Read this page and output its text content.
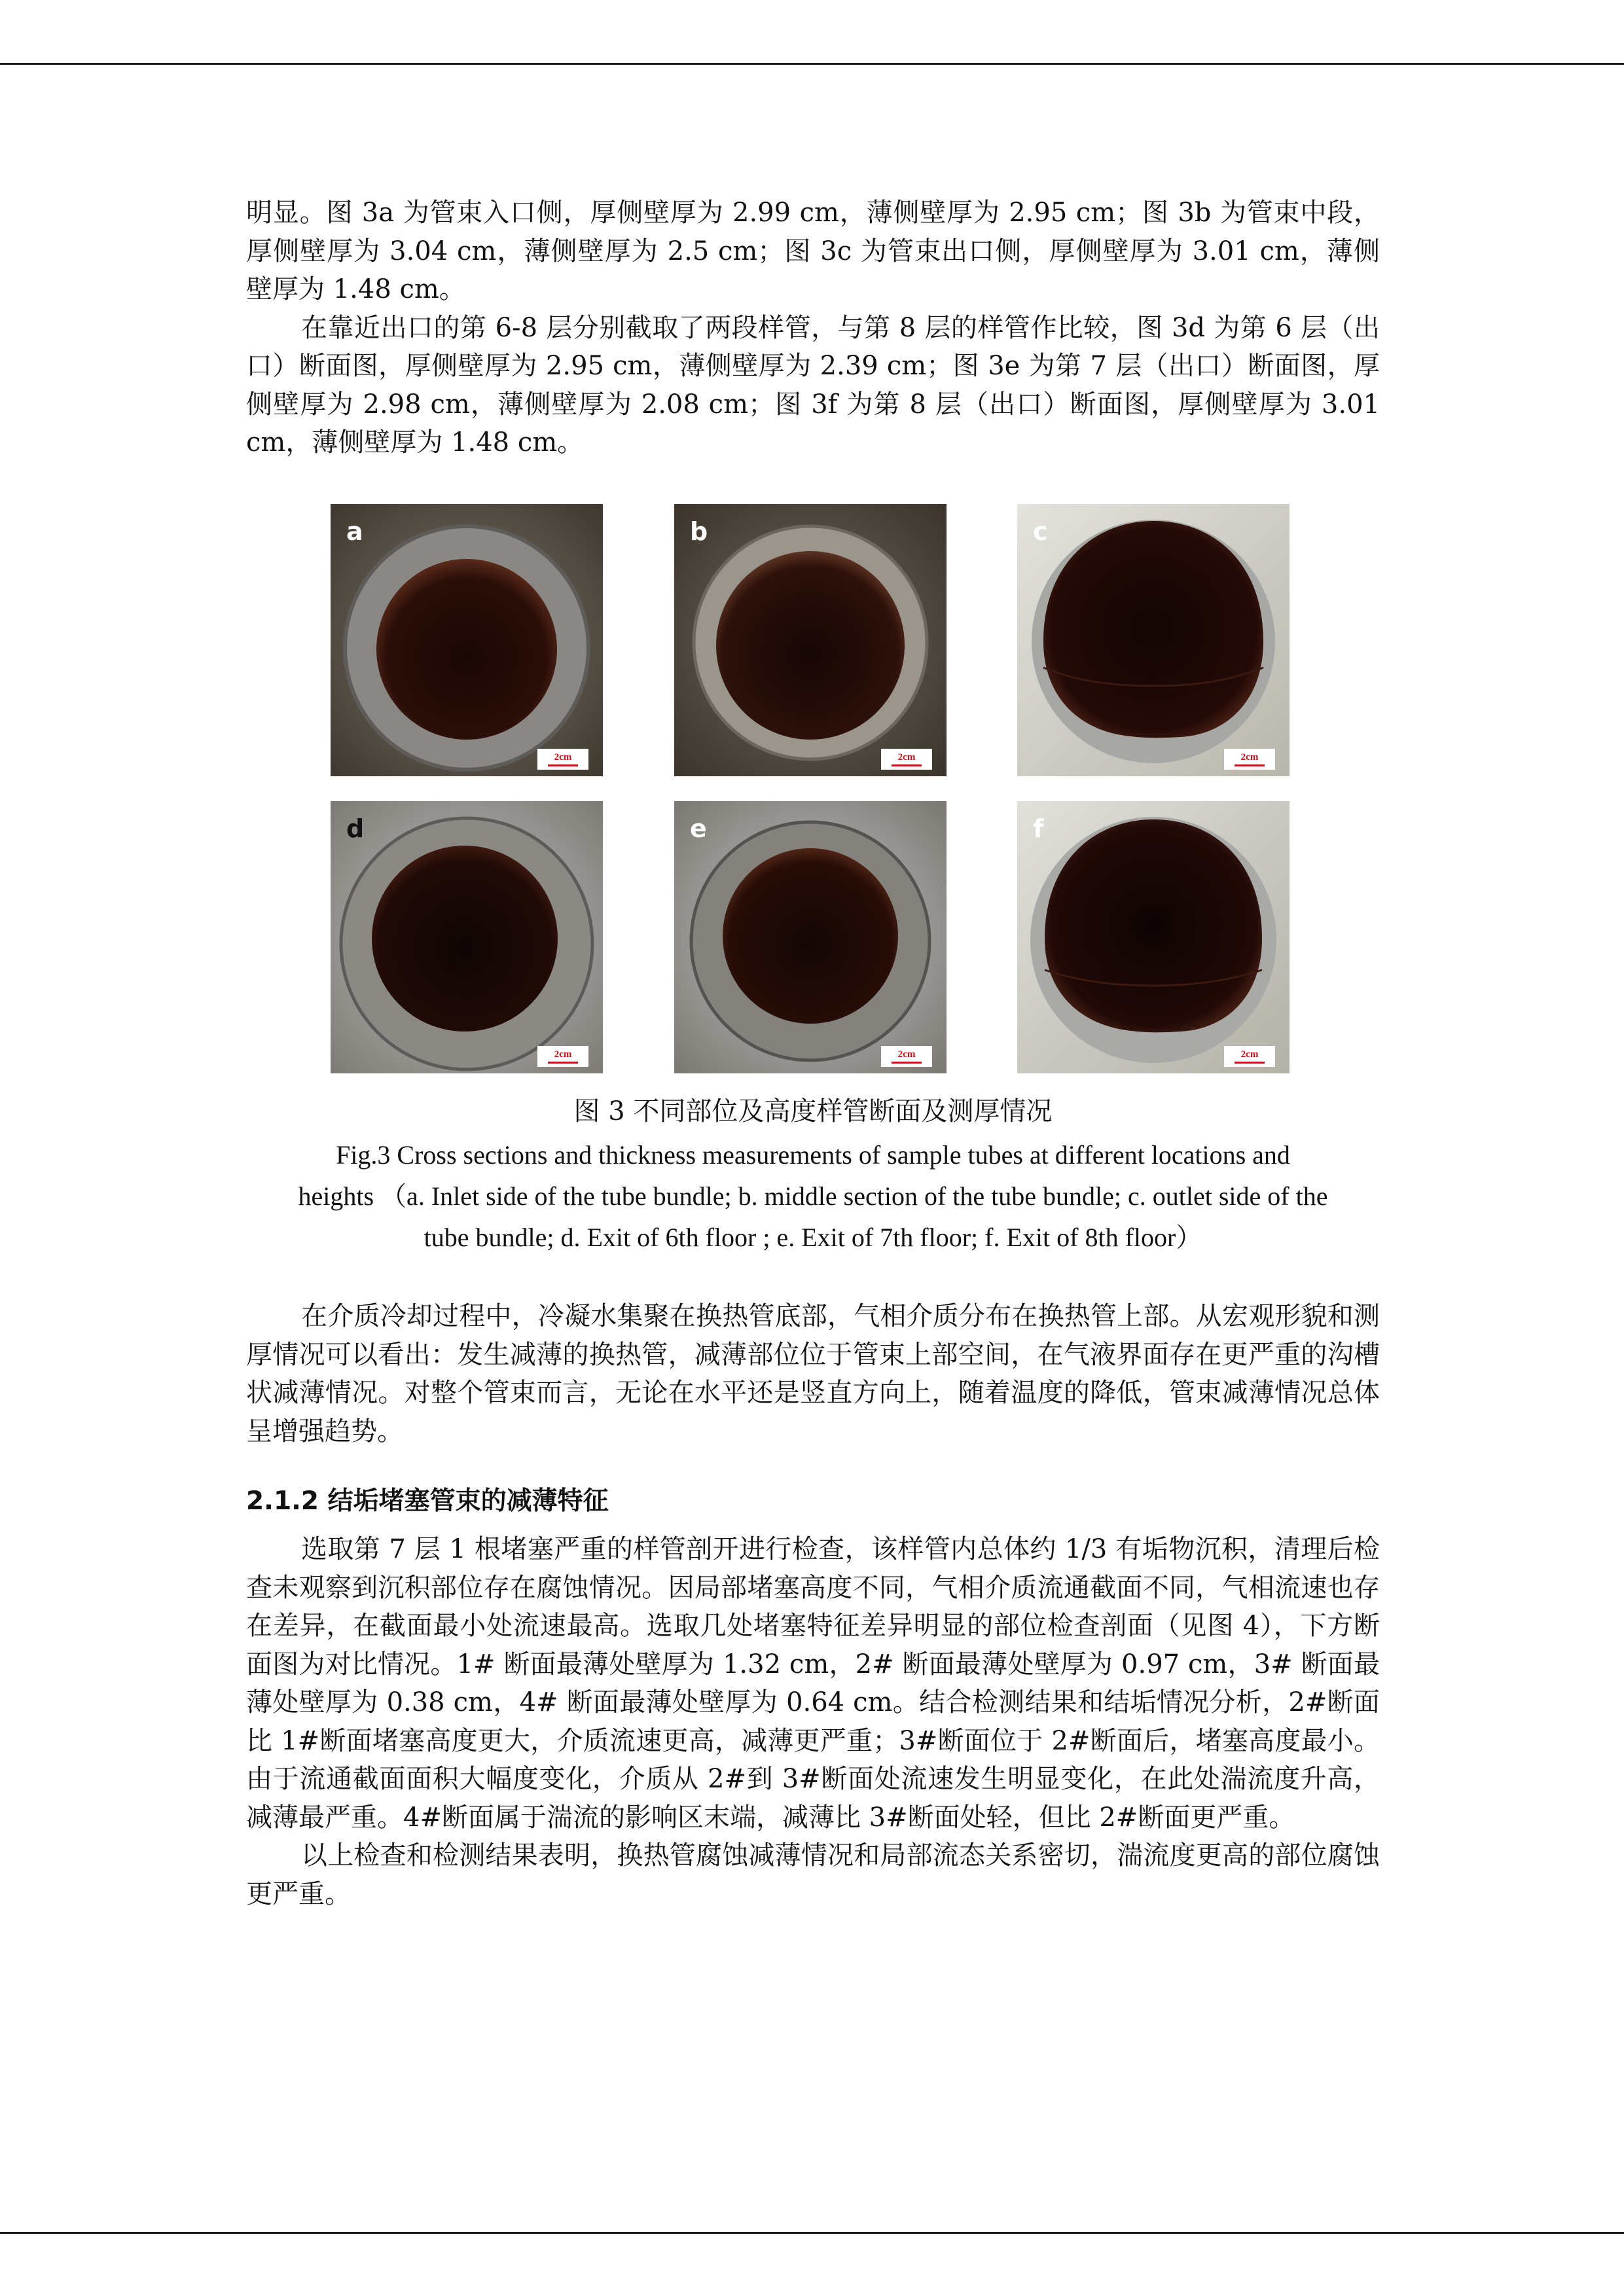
明显。图 3a 为管束入口侧，厚侧壁厚为 2.99 cm，薄侧壁厚为 2.95 cm；图 3b 为管束中段，厚侧壁厚为 3.04 cm，薄侧壁厚为 2.5 cm；图 3c 为管束出口侧，厚侧壁厚为 3.01 cm，薄侧壁厚为 1.48 cm。

在靠近出口的第 6-8 层分别截取了两段样管，与第 8 层的样管作比较，图 3d 为第 6 层（出口）断面图，厚侧壁厚为 2.95 cm，薄侧壁厚为 2.39 cm；图 3e 为第 7 层（出口）断面图，厚侧壁厚为 2.98 cm，薄侧壁厚为 2.08 cm；图 3f 为第 8 层（出口）断面图，厚侧壁厚为 3.01 cm，薄侧壁厚为 1.48 cm。

a
2cm
b
2cm
c
2cm
d
2cm
e
2cm
f
2cm
图 3 不同部位及高度样管断面及测厚情况
Fig.3 Cross sections and thickness measurements of sample tubes at different locations and
heights （a. Inlet side of the tube bundle; b. middle section of the tube bundle; c. outlet side of the
tube bundle; d. Exit of 6th floor ; e. Exit of 7th floor; f. Exit of 8th floor）

在介质冷却过程中，冷凝水集聚在换热管底部，气相介质分布在换热管上部。从宏观形貌和测厚情况可以看出：发生减薄的换热管，减薄部位位于管束上部空间，在气液界面存在更严重的沟槽状减薄情况。对整个管束而言，无论在水平还是竖直方向上，随着温度的降低，管束减薄情况总体呈增强趋势。

2.1.2 结垢堵塞管束的减薄特征

选取第 7 层 1 根堵塞严重的样管剖开进行检查，该样管内总体约 1/3 有垢物沉积，清理后检查未观察到沉积部位存在腐蚀情况。因局部堵塞高度不同，气相介质流通截面不同，气相流速也存在差异，在截面最小处流速最高。选取几处堵塞特征差异明显的部位检查剖面（见图 4），下方断面图为对比情况。1# 断面最薄处壁厚为 1.32 cm，2# 断面最薄处壁厚为 0.97 cm，3# 断面最薄处壁厚为 0.38 cm，4# 断面最薄处壁厚为 0.64 cm。结合检测结果和结垢情况分析，2#断面比 1#断面堵塞高度更大，介质流速更高，减薄更严重；3#断面位于 2#断面后，堵塞高度最小。由于流通截面面积大幅度变化，介质从 2#到 3#断面处流速发生明显变化，在此处湍流度升高，减薄最严重。4#断面属于湍流的影响区末端，减薄比 3#断面处轻，但比 2#断面更严重。

以上检查和检测结果表明，换热管腐蚀减薄情况和局部流态关系密切，湍流度更高的部位腐蚀更严重。
